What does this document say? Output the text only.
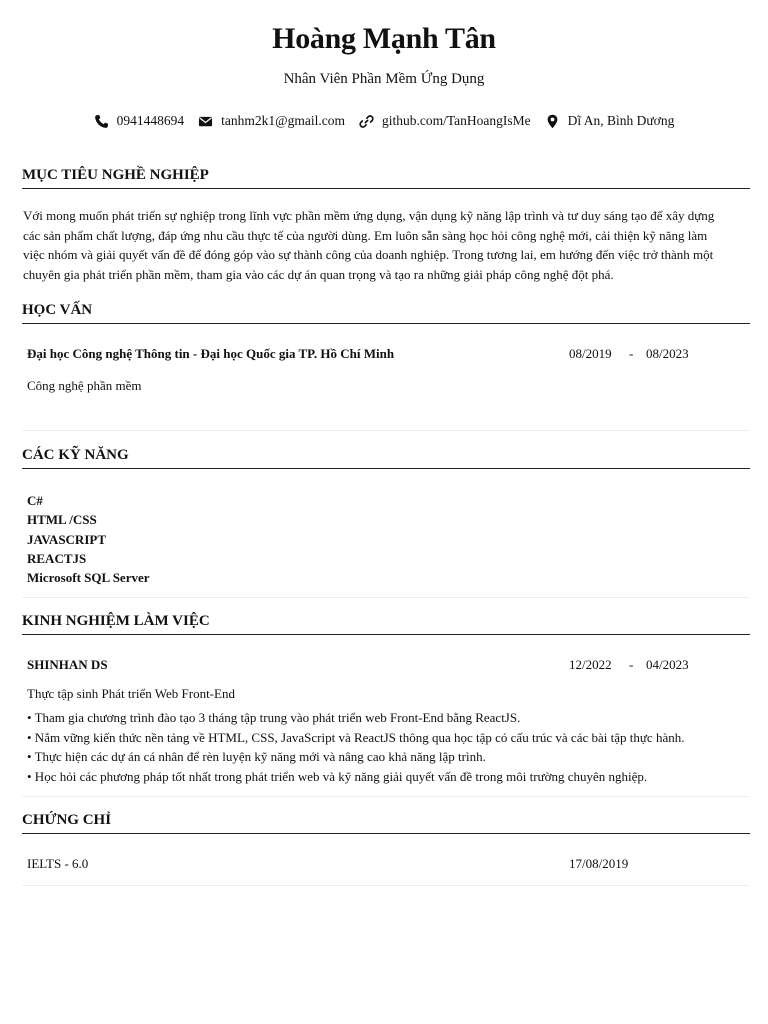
Hoàng Mạnh Tân
Nhân Viên Phần Mềm Ứng Dụng
0941448694	tanhm2k1@gmail.com	github.com/TanHoangIsMe	Dĩ An, Bình Dương
MỤC TIÊU NGHỀ NGHIỆP
Với mong muốn phát triển sự nghiệp trong lĩnh vực phần mềm ứng dụng, vận dụng kỹ năng lập trình và tư duy sáng tạo để xây dựng
các sản phẩm chất lượng, đáp ứng nhu cầu thực tế của người dùng. Em luôn sẵn sàng học hỏi công nghệ mới, cải thiện kỹ năng làm
việc nhóm và giải quyết vấn đề để đóng góp vào sự thành công của doanh nghiệp. Trong tương lai, em hướng đến việc trở thành một
chuyên gia phát triển phần mềm, tham gia vào các dự án quan trọng và tạo ra những giải pháp công nghệ đột phá.
HỌC VẤN
Đại học Công nghệ Thông tin - Đại học Quốc gia TP. Hồ Chí Minh	08/2019 - 08/2023
Công nghệ phần mềm
CÁC KỸ NĂNG
C#
HTML /CSS
JAVASCRIPT
REACTJS
Microsoft SQL Server
KINH NGHIỆM LÀM VIỆC
SHINHAN DS	12/2022 - 04/2023
Thực tập sinh Phát triển Web Front-End
• Tham gia chương trình đào tạo 3 tháng tập trung vào phát triển web Front-End bằng ReactJS.
• Nắm vững kiến thức nền tảng về HTML, CSS, JavaScript và ReactJS thông qua học tập có cấu trúc và các bài tập thực hành.
• Thực hiện các dự án cá nhân để rèn luyện kỹ năng mới và nâng cao khả năng lập trình.
• Học hỏi các phương pháp tốt nhất trong phát triển web và kỹ năng giải quyết vấn đề trong môi trường chuyên nghiệp.
CHỨNG CHỈ
IELTS - 6.0	17/08/2019
